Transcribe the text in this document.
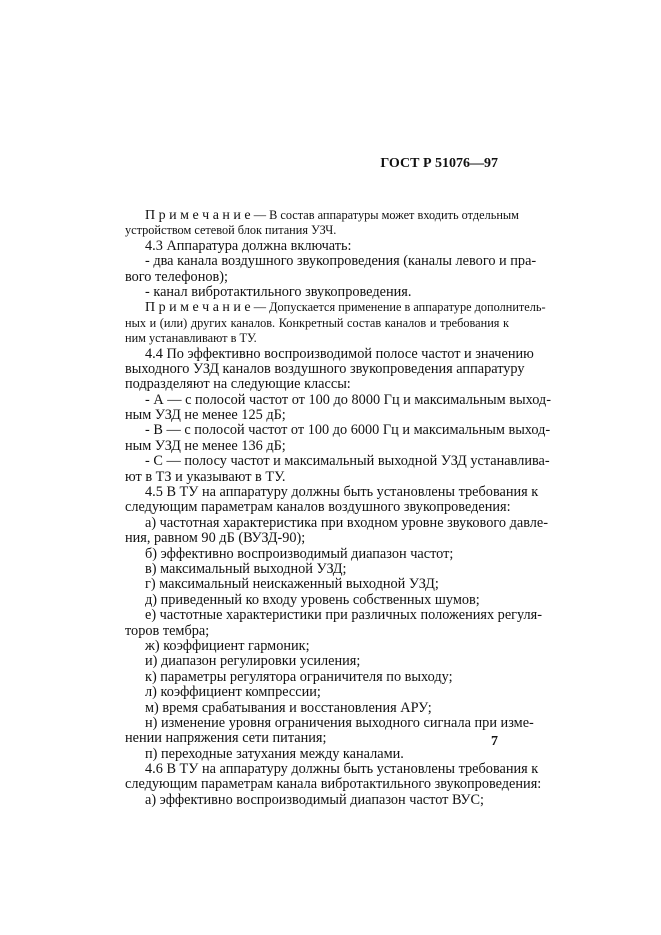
ГОСТ Р 51076—97
П р и м е ч а н и е — В состав аппаратуры может входить отдельным
устройством сетевой блок питания УЗЧ.
4.3 Аппаратура должна включать:
- два канала воздушного звукопроведения (каналы левого и пра-
вого телефонов);
- канал вибротактильного звукопроведения.
П р и м е ч а н и е — Допускается применение в аппаратуре дополнитель-
ных и (или) других каналов. Конкретный состав каналов и требования к
ним устанавливают в ТУ.
4.4 По эффективно воспроизводимой полосе частот и значению
выходного УЗД каналов воздушного звукопроведения аппаратуру
подразделяют на следующие классы:
- А — с полосой частот от 100 до 8000 Гц и максимальным выход-
ным УЗД не менее 125 дБ;
- В — с полосой частот от 100 до 6000 Гц и максимальным выход-
ным УЗД не менее 136 дБ;
- С — полосу частот и максимальный выходной УЗД устанавлива-
ют в ТЗ и указывают в ТУ.
4.5 В ТУ на аппаратуру должны быть установлены требования к
следующим параметрам каналов воздушного звукопроведения:
а) частотная характеристика при входном уровне звукового давле-
ния, равном 90 дБ (ВУЗД-90);
б) эффективно воспроизводимый диапазон частот;
в) максимальный выходной УЗД;
г) максимальный неискаженный выходной УЗД;
д) приведенный ко входу уровень собственных шумов;
е) частотные характеристики при различных положениях регуля-
торов тембра;
ж) коэффициент гармоник;
и) диапазон регулировки усиления;
к) параметры регулятора ограничителя по выходу;
л) коэффициент компрессии;
м) время срабатывания и восстановления АРУ;
н) изменение уровня ограничения выходного сигнала при изме-
нении напряжения сети питания;
п) переходные затухания между каналами.
4.6 В ТУ на аппаратуру должны быть установлены требования к
следующим параметрам канала вибротактильного звукопроведения:
а) эффективно воспроизводимый диапазон частот ВУС;
7
